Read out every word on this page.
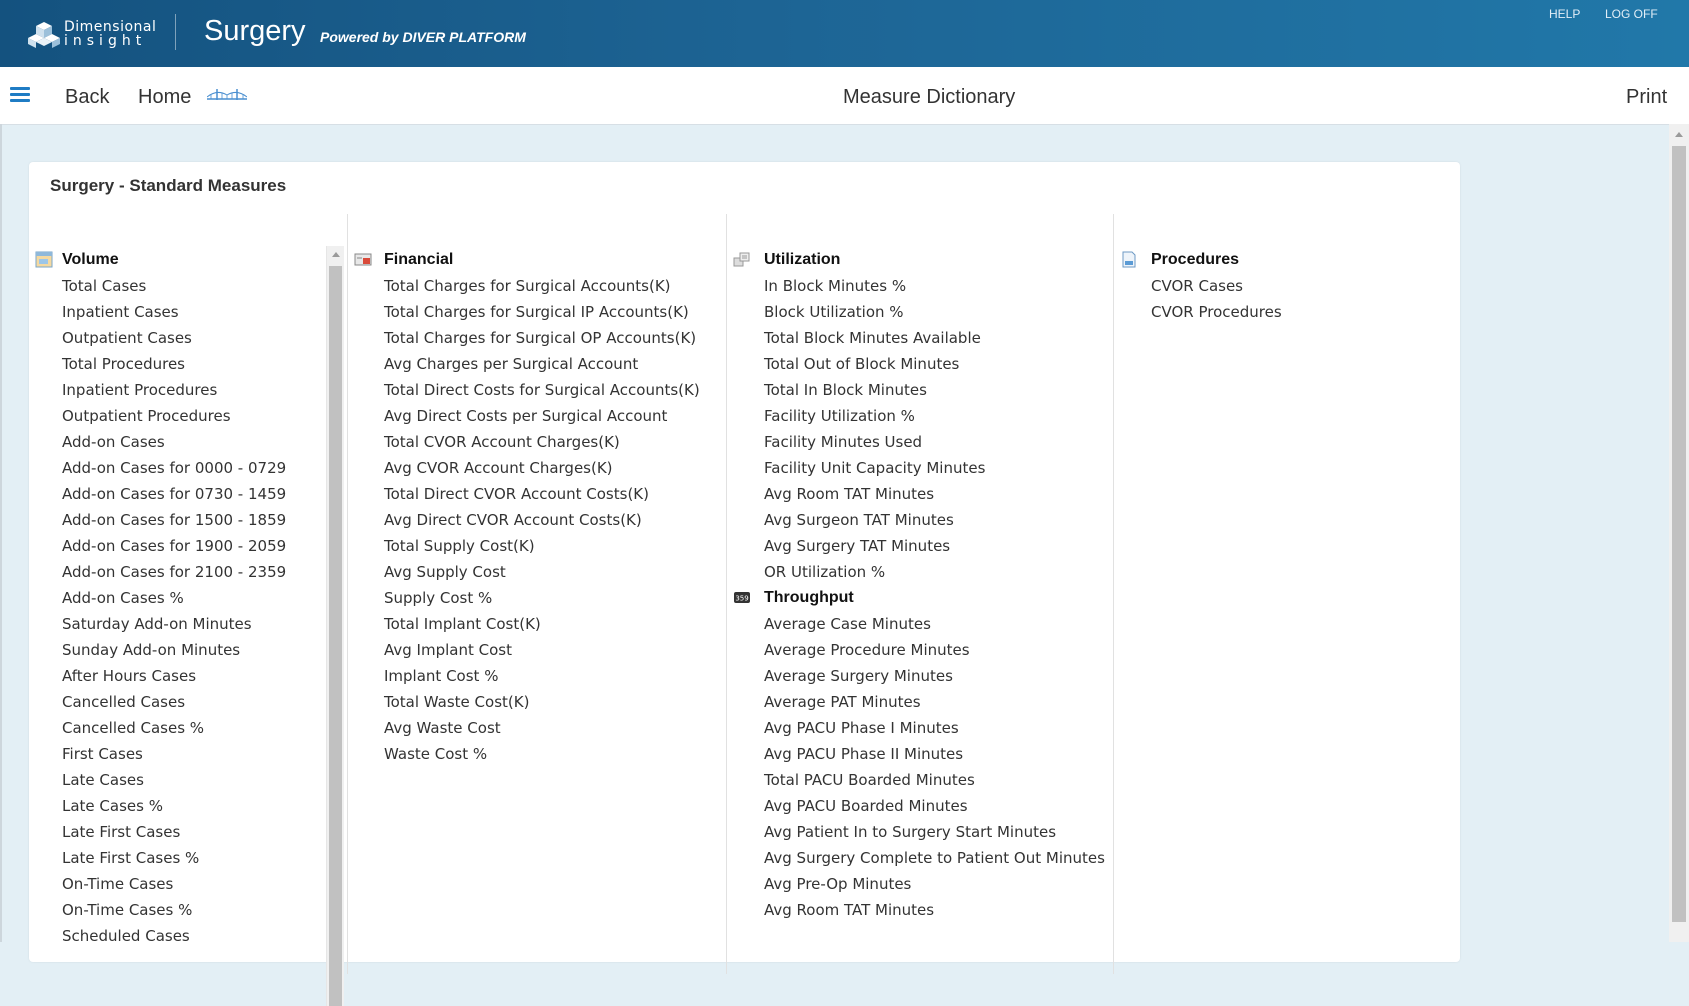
Dimensional
insight Surgery Powered by DIVER PLATFORM
HELP LOG OFF
Back Home	Measure Dictionary	Print
Surgery - Standard Measures
Volume
Total Cases
Inpatient Cases
Outpatient Cases
Total Procedures
Inpatient Procedures
Outpatient Procedures
Add-on Cases
Add-on Cases for 0000 - 0729
Add-on Cases for 0730 - 1459
Add-on Cases for 1500 - 1859
Add-on Cases for 1900 - 2059
Add-on Cases for 2100 - 2359
Add-on Cases %
Saturday Add-on Minutes
Sunday Add-on Minutes
After Hours Cases
Cancelled Cases
Cancelled Cases %
First Cases
Late Cases
Late Cases %
Late First Cases
Late First Cases %
On-Time Cases
On-Time Cases %
Scheduled Cases
Financial
Total Charges for Surgical Accounts(K)
Total Charges for Surgical IP Accounts(K)
Total Charges for Surgical OP Accounts(K)
Avg Charges per Surgical Account
Total Direct Costs for Surgical Accounts(K)
Avg Direct Costs per Surgical Account
Total CVOR Account Charges(K)
Avg CVOR Account Charges(K)
Total Direct CVOR Account Costs(K)
Avg Direct CVOR Account Costs(K)
Total Supply Cost(K)
Avg Supply Cost
Supply Cost %
Total Implant Cost(K)
Avg Implant Cost
Implant Cost %
Total Waste Cost(K)
Avg Waste Cost
Waste Cost %
Utilization
In Block Minutes %
Block Utilization %
Total Block Minutes Available
Total Out of Block Minutes
Total In Block Minutes
Facility Utilization %
Facility Minutes Used
Facility Unit Capacity Minutes
Avg Room TAT Minutes
Avg Surgeon TAT Minutes
Avg Surgery TAT Minutes
OR Utilization %
359 Throughput
Average Case Minutes
Average Procedure Minutes
Average Surgery Minutes
Average PAT Minutes
Avg PACU Phase I Minutes
Avg PACU Phase II Minutes
Total PACU Boarded Minutes
Avg PACU Boarded Minutes
Avg Patient In to Surgery Start Minutes
Avg Surgery Complete to Patient Out Minutes
Avg Pre-Op Minutes
Avg Room TAT Minutes
Procedures
CVOR Cases
CVOR Procedures
